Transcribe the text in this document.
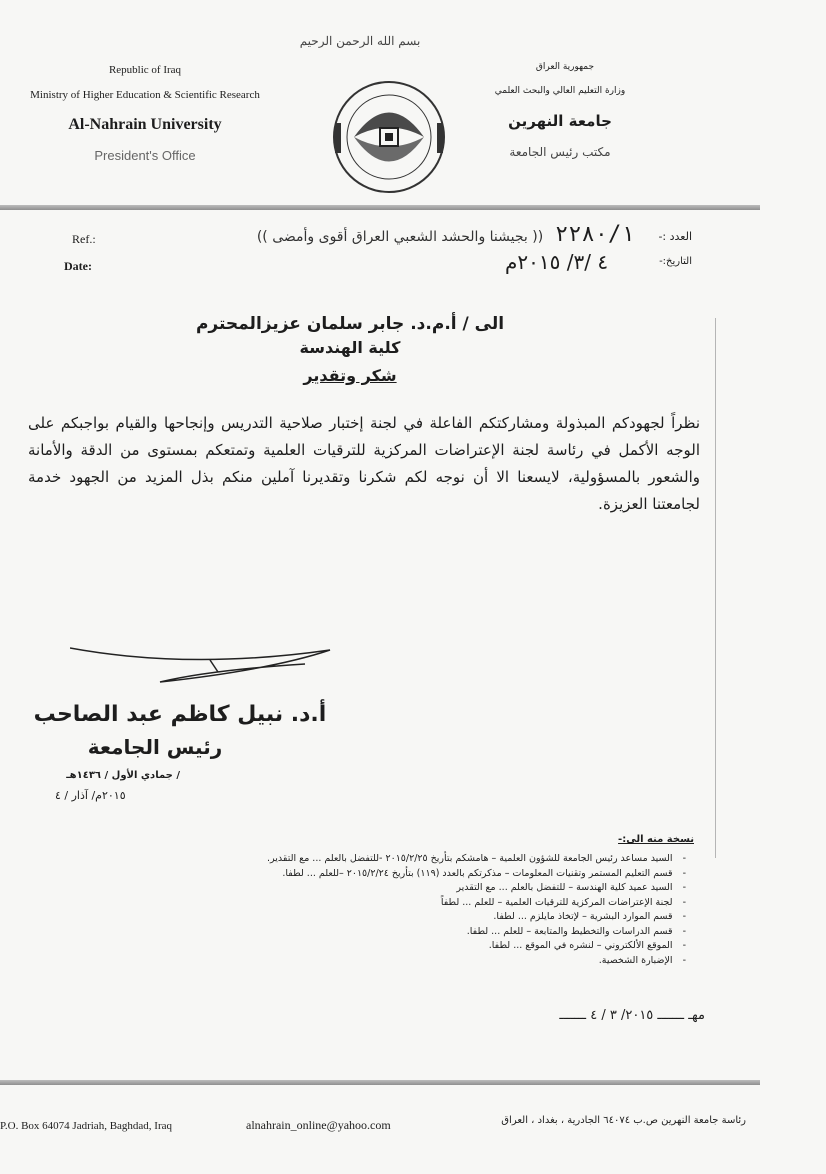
بسم الله الرحمن الرحيم
Republic of Iraq
Ministry of Higher Education & Scientific Research
Al-Nahrain University
President's Office
جمهورية العراق
وزارة التعليم العالي والبحث العلمي
جامعة النهرين
مكتب رئيس الجامعة
Ref.:
Date:
العدد :-
٢٢٨٠/١
(( بجيشنا والحشد الشعبي العراق أقوى وأمضى ))
التاريخ:-
٤ /٣/ ٢٠١٥م
الى / أ.م.د. جابر سلمان عزيزالمحترم
كلية الهندسة
شكر وتقدير
نظراً لجهودكم المبذولة ومشاركتكم الفاعلة في لجنة إختبار صلاحية التدريس وإنجاحها والقيام بواجبكم على الوجه الأكمل في رئاسة لجنة الإعتراضات المركزية للترقيات العلمية وتمتعكم بمستوى من الدقة والأمانة والشعور بالمسؤولية، لايسعنا الا أن نوجه لكم شكرنا وتقديرنا آملين منكم بذل المزيد من الجهود خدمة لجامعتنا العزيزة.
أ.د. نبيل كاظم عبد الصاحب
رئيس الجامعة
/ جمادي الأول / ١٤٣٦هـ
٢٠١٥م/ آذار / ٤
نسخة منه الى:-
- السيد مساعد رئيس الجامعة للشؤون العلمية – هامشكم بتأريخ ٢٠١٥/٢/٢٥ -للتفضل بالعلم ... مع التقدير.
- قسم التعليم المستمر وتقنيات المعلومات – مذكرتكم بالعدد (١١٩) بتأريخ ٢٠١٥/٢/٢٤ –للعلم ... لطفا.
- السيد عميد كلية الهندسة – للتفضل بالعلم ... مع التقدير
- لجنة الإعتراضات المركزية للترقيات العلمية – للعلم ... لطفاً
- قسم الموارد البشرية – لإتخاذ مايلزم ... لطفا.
- قسم الدراسات والتخطيط والمتابعة – للعلم ... لطفا.
- الموقع الألكتروني – لنشره في الموقع ... لطفا.
- الإضبارة الشخصية.
مهـ ـــــــ ٢٠١٥/ ٣ / ٤ ـــــــ
P.O. Box 64074 Jadriah, Baghdad, Iraq	alnahrain_online@yahoo.com	رئاسة جامعة النهرين ص.ب ٦٤٠٧٤ الجادرية ، بغداد ، العراق
